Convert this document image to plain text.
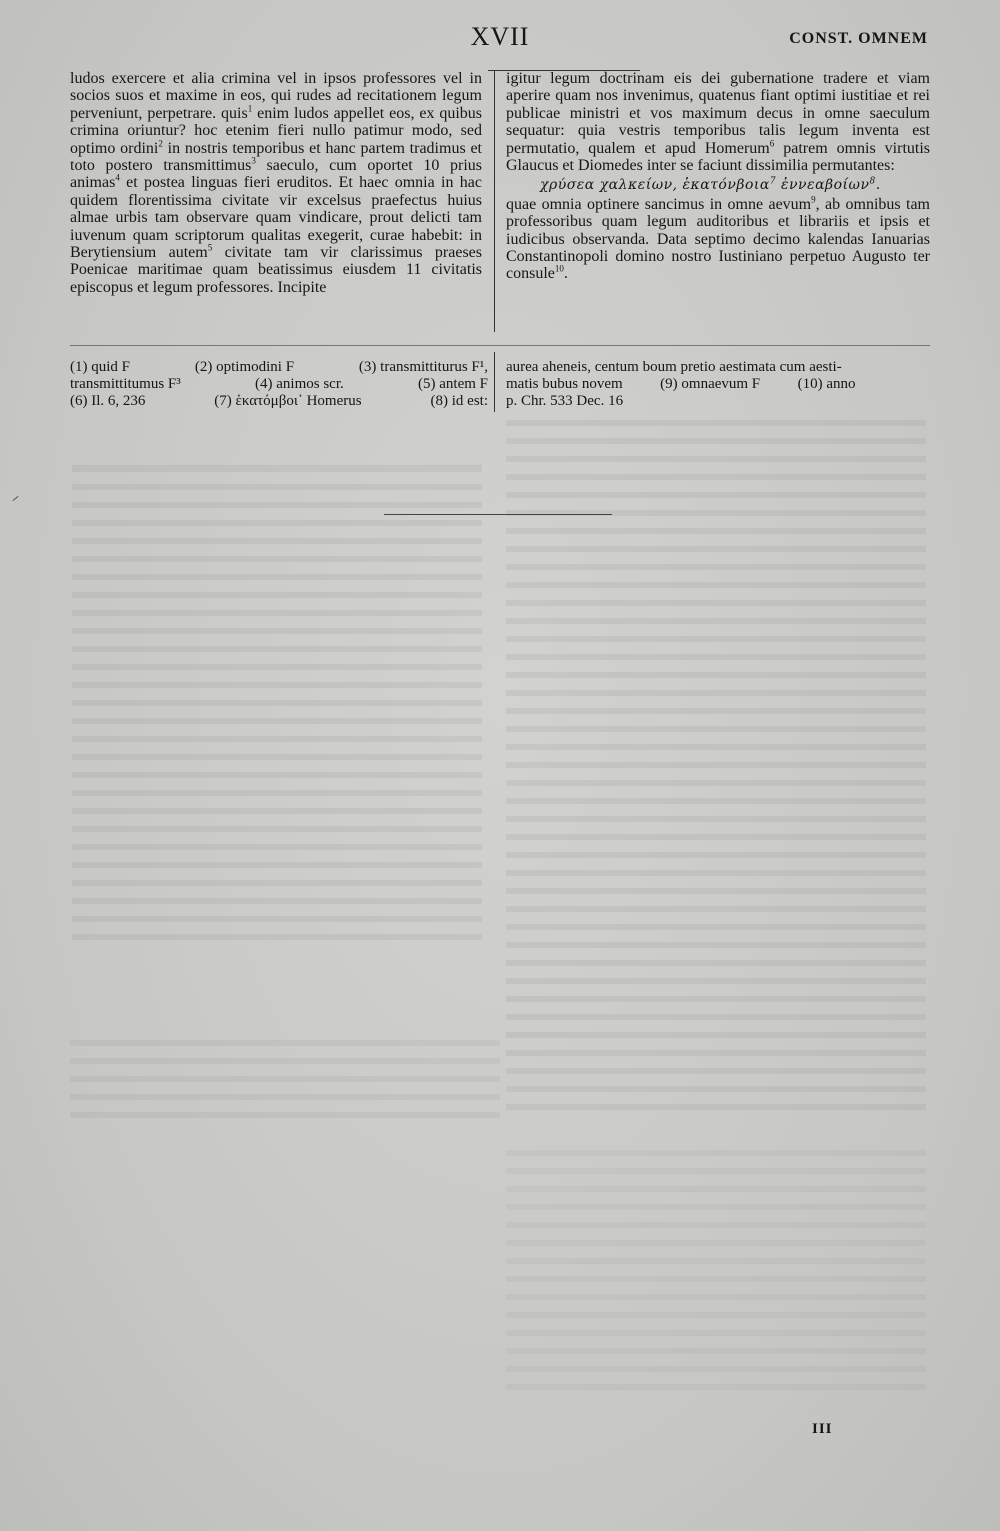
XVII	CONST. OMNEM

ludos exercere et alia crimina vel in ipsos professores vel in socios suos et maxime in eos, qui rudes ad recitationem legum perveniunt, perpetrare. quis$^1$ enim ludos appellet eos, ex quibus crimina oriuntur? hoc etenim fieri nullo patimur modo, sed optimo ordini$^2$ in nostris temporibus et hanc partem tradimus et toto postero transmittimus$^3$ saeculo, cum oportet 10 prius animas$^4$ et postea linguas fieri eruditos. Et haec omnia in hac quidem florentissima civitate vir excelsus praefectus huius almae urbis tam observare quam vindicare, prout delicti tam iuvenum quam scriptorum qualitas exegerit, curae habebit: in Berytiensium autem$^5$ civitate tam vir clarissimus praeses Poenicae maritimae quam beatissimus eiusdem 11 civitatis episcopus et legum professores. Incipite

igitur legum doctrinam eis dei gubernatione tradere et viam aperire quam nos invenimus, quatenus fiant optimi iustitiae et rei publicae ministri et vos maximum decus in omne saeculum sequatur: quia vestris temporibus talis legum inventa est permutatio, qualem et apud Homerum$^6$ patrem omnis virtutis Glaucus et Diomedes inter se faciunt dissimilia permutantes:
χρύσεα χαλκείων, ἑκατόνβοια$^7$ ἐννεαβοίων$^8$.
quae omnia optinere sancimus in omne aevum$^9$, ab omnibus tam professoribus quam legum auditoribus et librariis et ipsis et iudicibus observanda. Data septimo decimo kalendas Ianuarias Constantinopoli domino nostro Iustiniano perpetuo Augusto ter consule$^{10}$.

(1) quid F	(2) optimodini F	(3) transmittiturus F¹,
transmittitumus F³	(4) animos scr.	(5) antem F
(6) Il. 6, 236	(7) ἑκατόμβοι᾽ Homerus	(8) id est:
aurea aheneis, centum boum pretio aestimata cum aesti-
matis bubus novem          (9) omnaevum F          (10) anno
p. Chr. 533 Dec. 16
III
